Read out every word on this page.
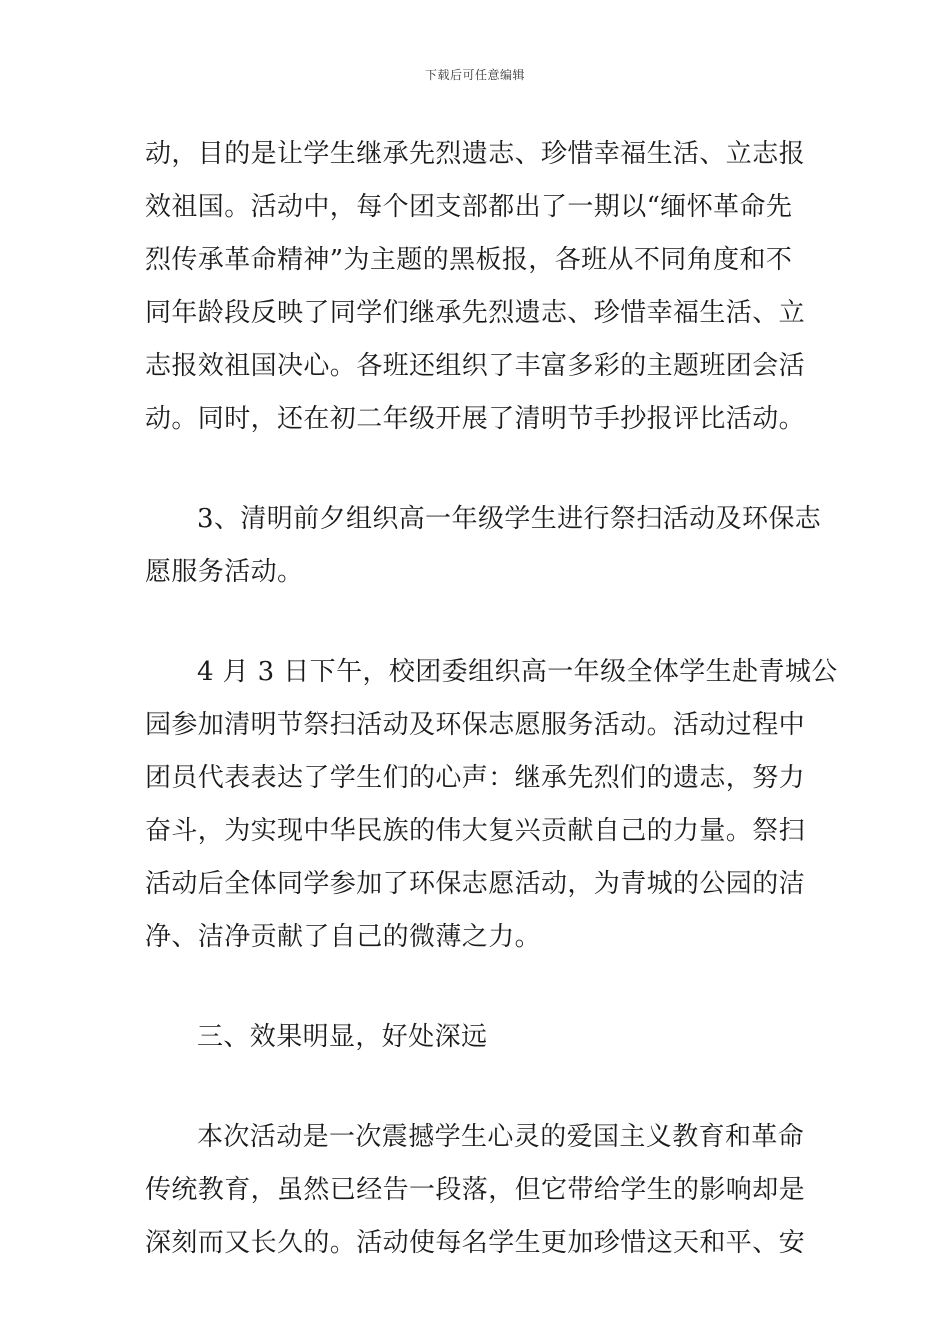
下载后可任意编辑
动，目的是让学生继承先烈遗志、珍惜幸福生活、立志报
效祖国。活动中，每个团支部都出了一期以“缅怀革命先
烈传承革命精神”为主题的黑板报，各班从不同角度和不
同年龄段反映了同学们继承先烈遗志、珍惜幸福生活、立
志报效祖国决心。各班还组织了丰富多彩的主题班团会活
动。同时，还在初二年级开展了清明节手抄报评比活动。
3、清明前夕组织高一年级学生进行祭扫活动及环保志
愿服务活动。
4 月 3 日下午，校团委组织高一年级全体学生赴青城公
园参加清明节祭扫活动及环保志愿服务活动。活动过程中
团员代表表达了学生们的心声：继承先烈们的遗志，努力
奋斗，为实现中华民族的伟大复兴贡献自己的力量。祭扫
活动后全体同学参加了环保志愿活动，为青城的公园的洁
净、洁净贡献了自己的微薄之力。
三、效果明显，好处深远
本次活动是一次震撼学生心灵的爱国主义教育和革命
传统教育，虽然已经告一段落，但它带给学生的影响却是
深刻而又长久的。活动使每名学生更加珍惜这天和平、安
